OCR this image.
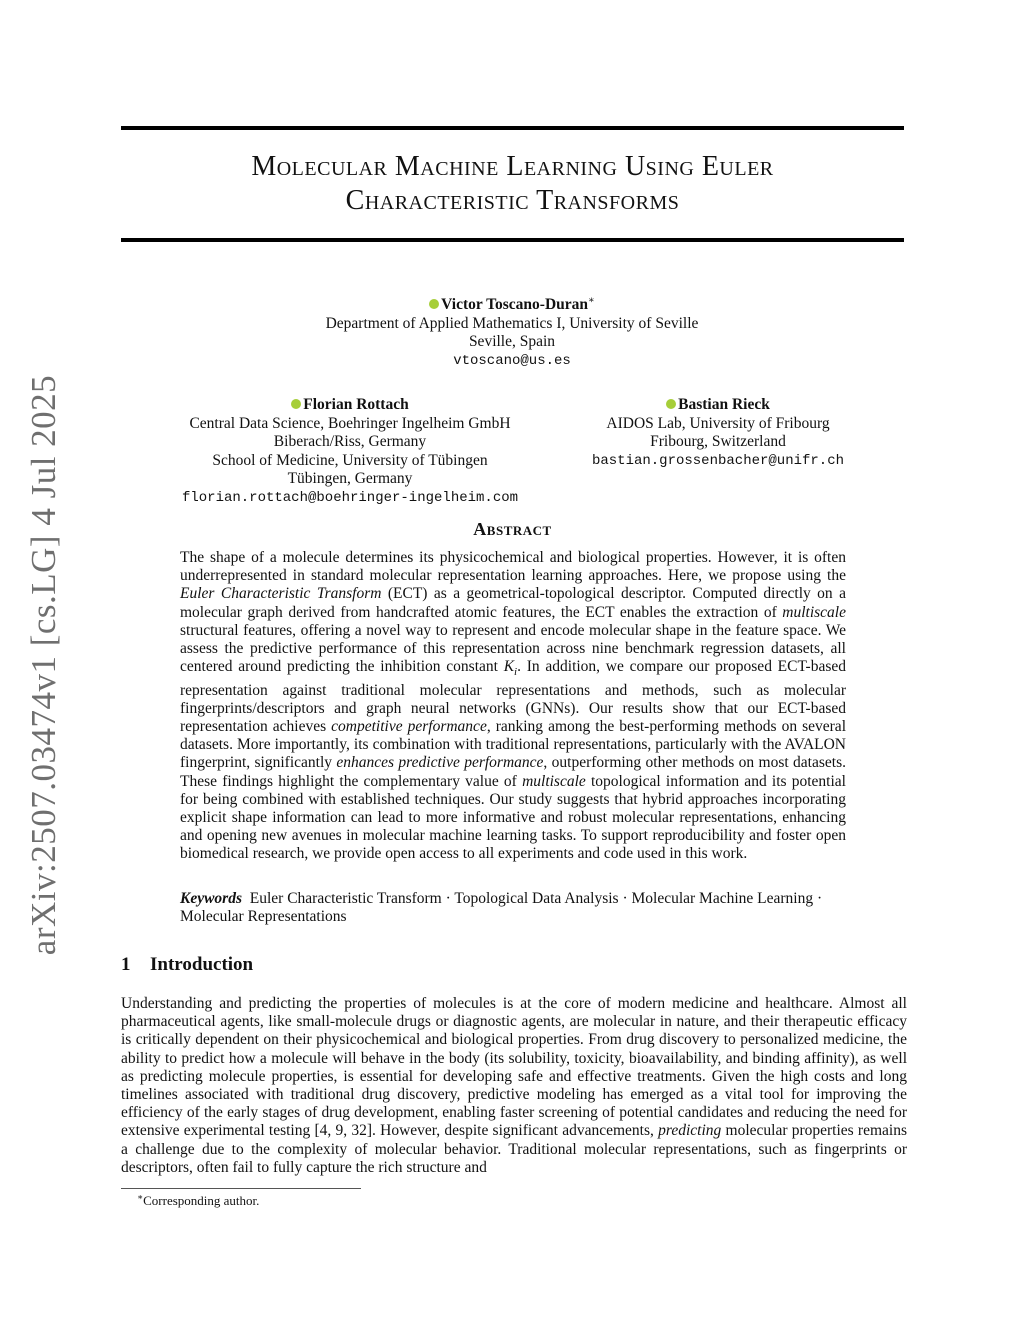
arXiv:2507.03474v1 [cs.LG] 4 Jul 2025
Molecular Machine Learning Using Euler
Characteristic Transforms
Victor Toscano-Duran∗
Department of Applied Mathematics I, University of Seville
Seville, Spain
vtoscano@us.es
Florian Rottach
Central Data Science, Boehringer Ingelheim GmbH
Biberach/Riss, Germany
School of Medicine, University of Tübingen
Tübingen, Germany
florian.rottach@boehringer-ingelheim.com
Bastian Rieck
AIDOS Lab, University of Fribourg
Fribourg, Switzerland
bastian.grossenbacher@unifr.ch
Abstract
The shape of a molecule determines its physicochemical and biological properties. However, it is often underrepresented in standard molecular representation learning approaches. Here, we propose using the Euler Characteristic Transform (ECT) as a geometrical-topological descriptor. Computed directly on a molecular graph derived from handcrafted atomic features, the ECT enables the extraction of multiscale structural features, offering a novel way to represent and encode molecular shape in the feature space. We assess the predictive performance of this representation across nine benchmark regression datasets, all centered around predicting the inhibition constant $K_i$. In addition, we compare our proposed ECT-based representation against traditional molecular representations and methods, such as molecular fingerprints/descriptors and graph neural networks (GNNs). Our results show that our ECT-based representation achieves competitive performance, ranking among the best-performing methods on several datasets. More importantly, its combination with traditional representations, particularly with the AVALON fingerprint, significantly enhances predictive performance, outperforming other methods on most datasets. These findings highlight the complementary value of multiscale topological information and its potential for being combined with established techniques. Our study suggests that hybrid approaches incorporating explicit shape information can lead to more informative and robust molecular representations, enhancing and opening new avenues in molecular machine learning tasks. To support reproducibility and foster open biomedical research, we provide open access to all experiments and code used in this work.
Keywords Euler Characteristic Transform · Topological Data Analysis · Molecular Machine Learning · Molecular Representations
1 Introduction
Understanding and predicting the properties of molecules is at the core of modern medicine and healthcare. Almost all pharmaceutical agents, like small-molecule drugs or diagnostic agents, are molecular in nature, and their therapeutic efficacy is critically dependent on their physicochemical and biological properties. From drug discovery to personalized medicine, the ability to predict how a molecule will behave in the body (its solubility, toxicity, bioavailability, and binding affinity), as well as predicting molecule properties, is essential for developing safe and effective treatments. Given the high costs and long timelines associated with traditional drug discovery, predictive modeling has emerged as a vital tool for improving the efficiency of the early stages of drug development, enabling faster screening of potential candidates and reducing the need for extensive experimental testing [4, 9, 32]. However, despite significant advancements, predicting molecular properties remains a challenge due to the complexity of molecular behavior. Traditional molecular representations, such as fingerprints or descriptors, often fail to fully capture the rich structure and
∗Corresponding author.
